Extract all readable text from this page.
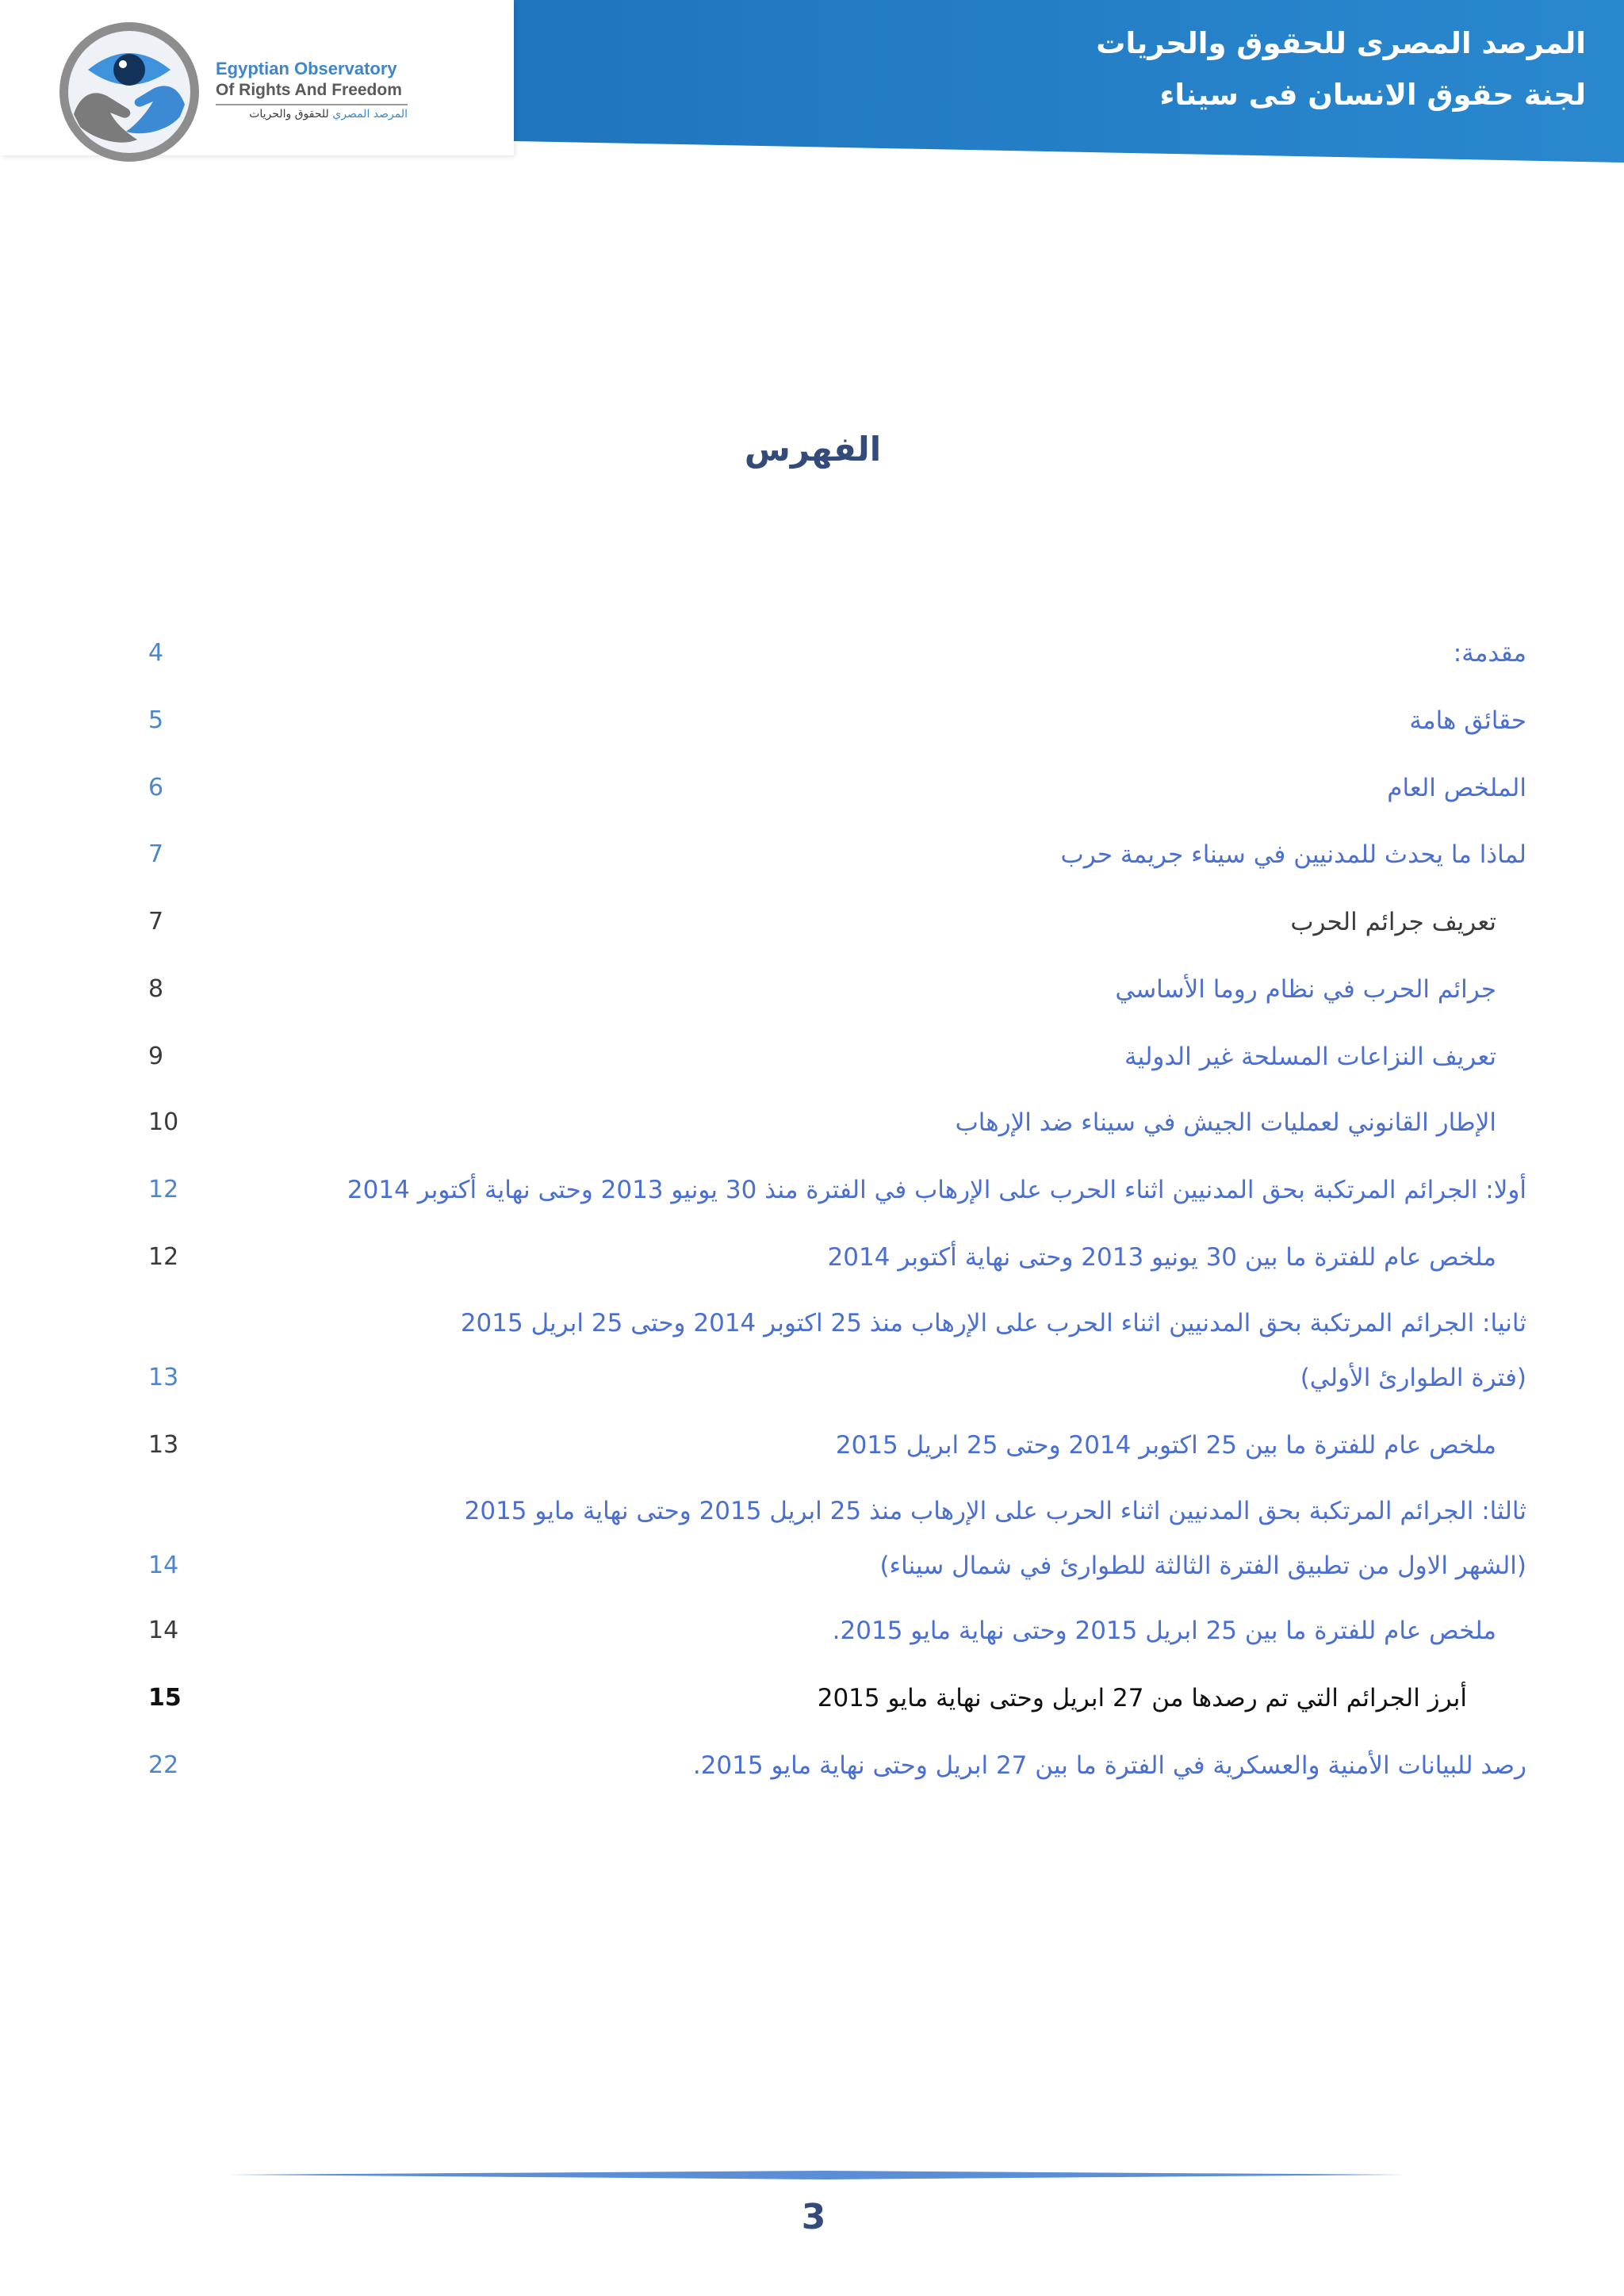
المرصد المصرى للحقوق والحريات
لجنة حقوق الانسان فى سيناء
Egyptian Observatory
Of Rights And Freedom
المرصد المصري للحقوق والحريات
الفهرس
مقدمة:
4
حقائق هامة
5
الملخص العام
6
لماذا ما يحدث للمدنيين في سيناء جريمة حرب
7
تعريف جرائم الحرب
7
جرائم الحرب في نظام روما الأساسي
8
تعريف النزاعات المسلحة غير الدولية
9
الإطار القانوني لعمليات الجيش في سيناء ضد الإرهاب
10
أولا: الجرائم المرتكبة بحق المدنيين اثناء الحرب على الإرهاب في الفترة منذ 30 يونيو 2013 وحتى نهاية أكتوبر 2014
12
ملخص عام للفترة ما بين 30 يونيو 2013 وحتى نهاية أكتوبر 2014
12
ثانيا: الجرائم المرتكبة بحق المدنيين اثناء الحرب على الإرهاب منذ 25 اكتوبر 2014 وحتى 25 ابريل 2015
(فترة الطوارئ الأولي)
13
ملخص عام للفترة ما بين 25 اكتوبر 2014 وحتى 25 ابريل 2015
13
ثالثا: الجرائم المرتكبة بحق المدنيين اثناء الحرب على الإرهاب منذ 25 ابريل 2015 وحتى نهاية مايو 2015
(الشهر الاول من تطبيق الفترة الثالثة للطوارئ في شمال سيناء)
14
ملخص عام للفترة ما بين 25 ابريل 2015 وحتى نهاية مايو 2015.
14
أبرز الجرائم التي تم رصدها من 27 ابريل وحتى نهاية مايو 2015
15
رصد للبيانات الأمنية والعسكرية في الفترة ما بين 27 ابريل وحتى نهاية مايو 2015.
22
3
